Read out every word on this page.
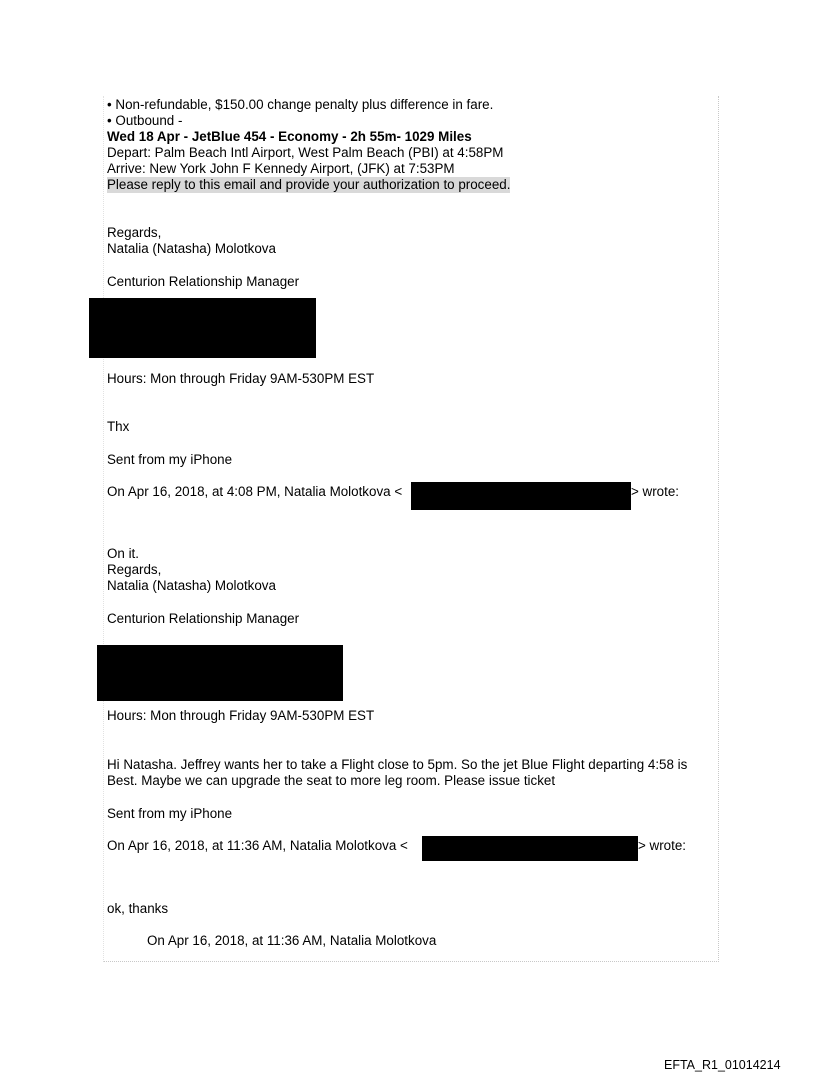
• Non-refundable, $150.00 change penalty plus difference in fare.
• Outbound -
Wed 18 Apr - JetBlue 454 - Economy - 2h 55m- 1029 Miles
Depart: Palm Beach Intl Airport, West Palm Beach (PBI) at 4:58PM
Arrive: New York John F Kennedy Airport, (JFK) at 7:53PM
Please reply to this email and provide your authorization to proceed.
Regards,
Natalia (Natasha) Molotkova
Centurion Relationship Manager
Hours: Mon through Friday 9AM-530PM EST
Thx
Sent from my iPhone
On Apr 16, 2018, at 4:08 PM, Natalia Molotkova <	> wrote:
On it.
Regards,
Natalia (Natasha) Molotkova
Centurion Relationship Manager
Hours: Mon through Friday 9AM-530PM EST
Hi Natasha. Jeffrey wants her to take a Flight close to 5pm. So the jet Blue Flight departing 4:58 is Best. Maybe we can upgrade the seat to more leg room. Please issue ticket
Sent from my iPhone
On Apr 16, 2018, at 11:36 AM, Natalia Molotkova <	> wrote:
ok, thanks
On Apr 16, 2018, at 11:36 AM, Natalia Molotkova
EFTA_R1_01014214
